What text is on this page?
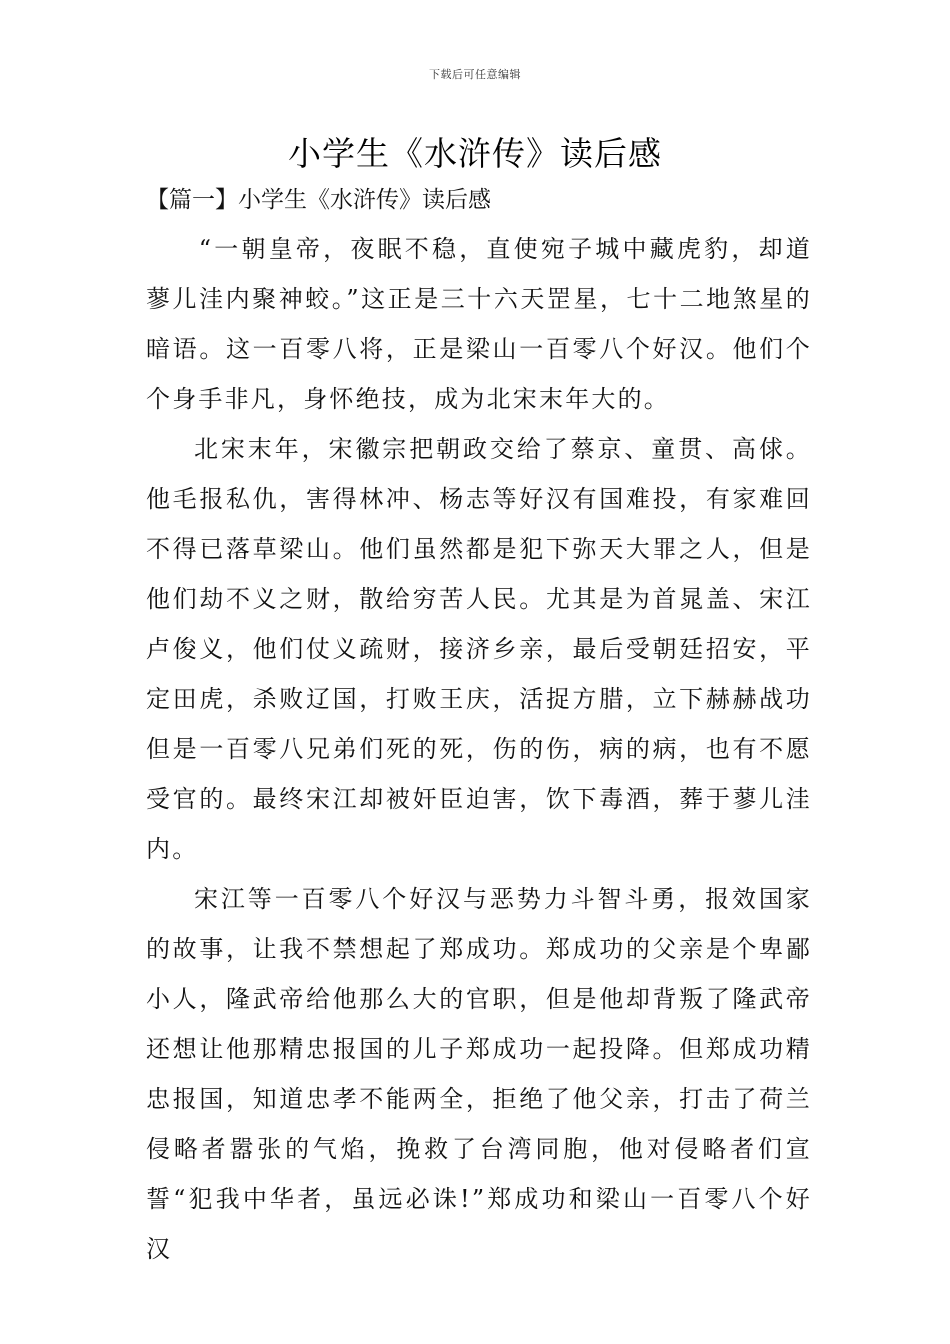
下载后可任意编辑
小学生《水浒传》读后感
【篇一】小学生《水浒传》读后感

“一朝皇帝，夜眠不稳，直使宛子城中藏虎豹，却道蓼儿洼内聚神蛟。”这正是三十六天罡星，七十二地煞星的暗语。这一百零八将，正是梁山一百零八个好汉。他们个个身手非凡，身怀绝技，成为北宋末年大的。

北宋末年，宋徽宗把朝政交给了蔡京、童贯、高俅。他毛报私仇，害得林冲、杨志等好汉有国难投，有家难回不得已落草梁山。他们虽然都是犯下弥天大罪之人，但是他们劫不义之财，散给穷苦人民。尤其是为首晁盖、宋江卢俊义，他们仗义疏财，接济乡亲，最后受朝廷招安，平定田虎，杀败辽国，打败王庆，活捉方腊，立下赫赫战功但是一百零八兄弟们死的死，伤的伤，病的病，也有不愿受官的。最终宋江却被奸臣迫害，饮下毒酒，葬于蓼儿洼内。

宋江等一百零八个好汉与恶势力斗智斗勇，报效国家的故事，让我不禁想起了郑成功。郑成功的父亲是个卑鄙小人，隆武帝给他那么大的官职，但是他却背叛了隆武帝还想让他那精忠报国的儿子郑成功一起投降。但郑成功精忠报国，知道忠孝不能两全，拒绝了他父亲，打击了荷兰侵略者嚣张的气焰，挽救了台湾同胞，他对侵略者们宣誓“犯我中华者，虽远必诛!”郑成功和梁山一百零八个好汉
